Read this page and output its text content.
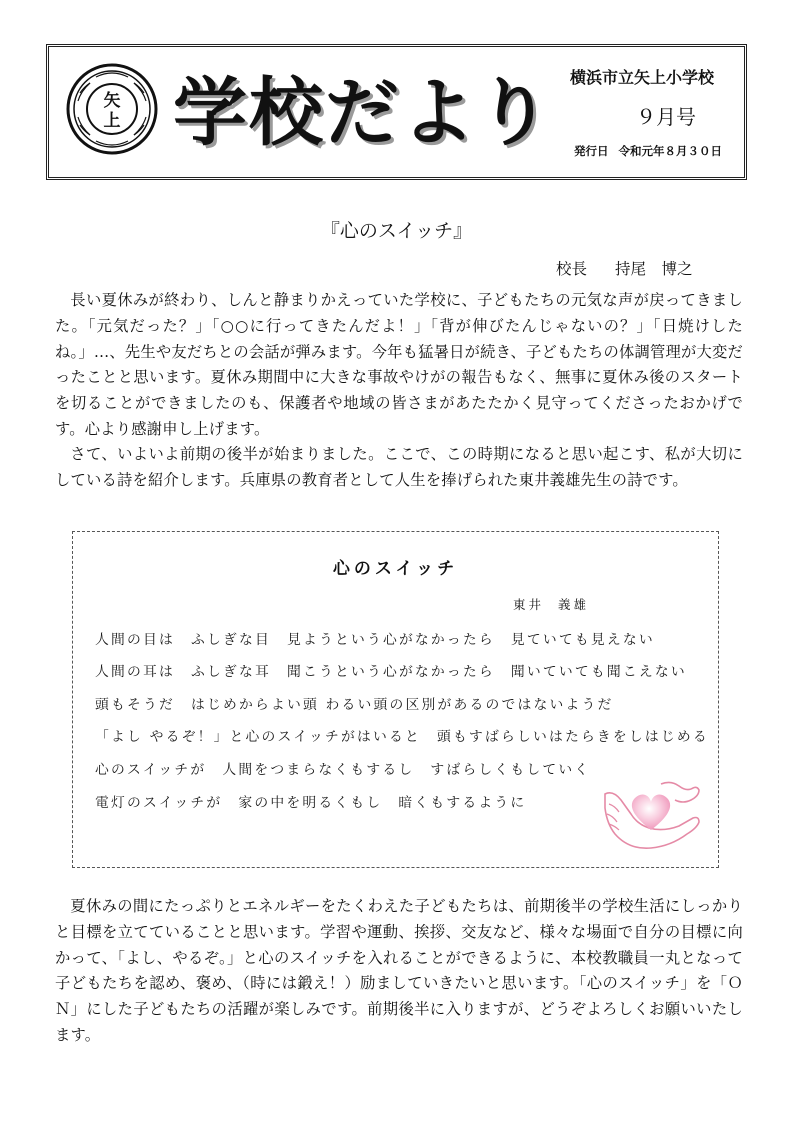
矢
上 学校だより 横浜市立矢上小学校
９月号
発行日 令和元年８月３０日
『心のスイッチ』
校長 持尾　博之

長い夏休みが終わり、しんと静まりかえっていた学校に、子どもたちの元気な声が戻ってきました。「元気だった？」「○○に行ってきたんだよ！」「背が伸びたんじゃないの？」「日焼けしたね。」…、先生や友だちとの会話が弾みます。今年も猛暑日が続き、子どもたちの体調管理が大変だったことと思います。夏休み期間中に大きな事故やけがの報告もなく、無事に夏休み後のスタートを切ることができましたのも、保護者や地域の皆さまがあたたかく見守ってくださったおかげです。心より感謝申し上げます。

さて、いよいよ前期の後半が始まりました。ここで、この時期になると思い起こす、私が大切にしている詩を紹介します。兵庫県の教育者として人生を捧げられた東井義雄先生の詩です。

心のスイッチ
東井 義雄
人間の目は　ふしぎな目　見ようという心がなかったら　見ていても見えない
人間の耳は　ふしぎな耳　聞こうという心がなかったら　聞いていても聞こえない
頭もそうだ　はじめからよい頭 わるい頭の区別があるのではないようだ
「よし やるぞ！」と心のスイッチがはいると　頭もすばらしいはたらきをしはじめる
心のスイッチが　人間をつまらなくもするし　すばらしくもしていく
電灯のスイッチが　家の中を明るくもし　暗くもするように

夏休みの間にたっぷりとエネルギーをたくわえた子どもたちは、前期後半の学校生活にしっかりと目標を立てていることと思います。学習や運動、挨拶、交友など、様々な場面で自分の目標に向かって、「よし、やるぞ。」と心のスイッチを入れることができるように、本校教職員一丸となって子どもたちを認め、褒め、（時には鍛え！）励ましていきたいと思います。「心のスイッチ」を「ＯＮ」にした子どもたちの活躍が楽しみです。前期後半に入りますが、どうぞよろしくお願いいたします。
